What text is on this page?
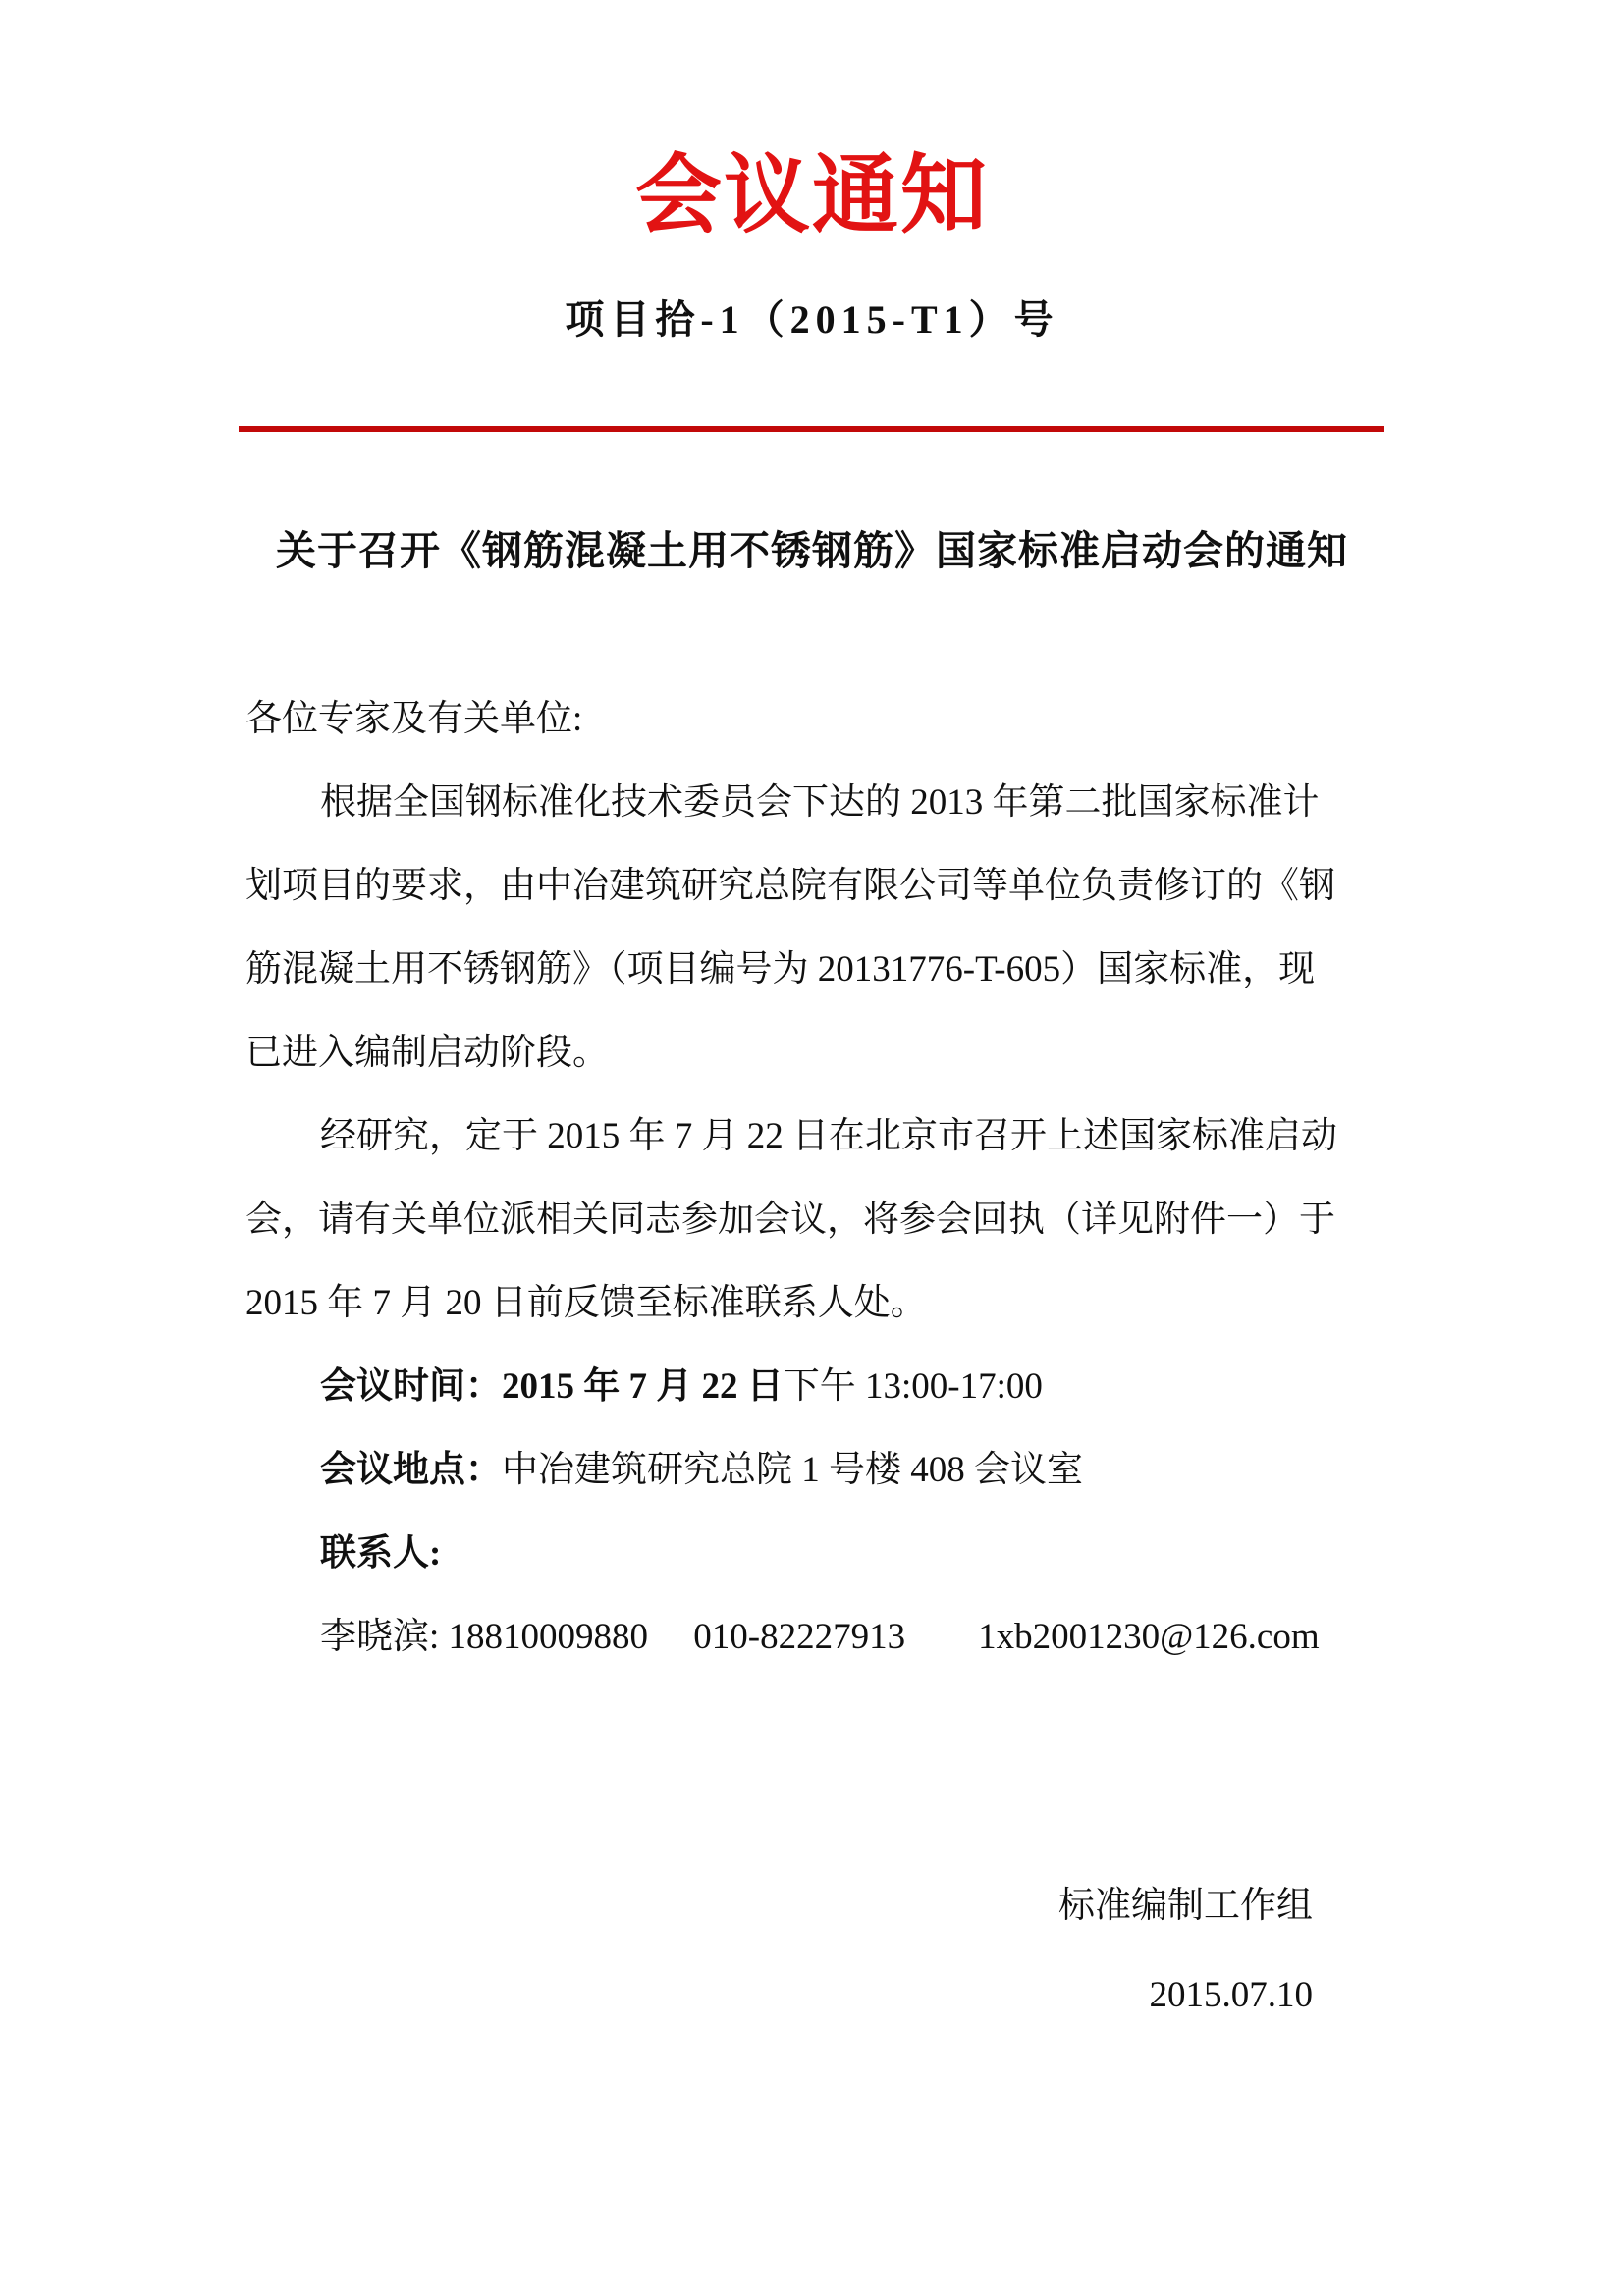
会议通知
项目拾-1（2015-T1）号
关于召开《钢筋混凝土用不锈钢筋》国家标准启动会的通知
各位专家及有关单位:
根据全国钢标准化技术委员会下达的 2013 年第二批国家标准计
划项目的要求，由中冶建筑研究总院有限公司等单位负责修订的《钢
筋混凝土用不锈钢筋》（项目编号为 20131776-T-605）国家标准，现
已进入编制启动阶段。
经研究，定于 2015 年 7 月 22 日在北京市召开上述国家标准启动
会，请有关单位派相关同志参加会议，将参会回执（详见附件一）于
2015 年 7 月 20 日前反馈至标准联系人处。
会议时间：2015 年 7 月 22 日下午 13:00-17:00
会议地点：中冶建筑研究总院 1 号楼 408 会议室
联系人:
李晓滨: 18810009880     010-82227913        1xb2001230@126.com
标准编制工作组
2015.07.10
